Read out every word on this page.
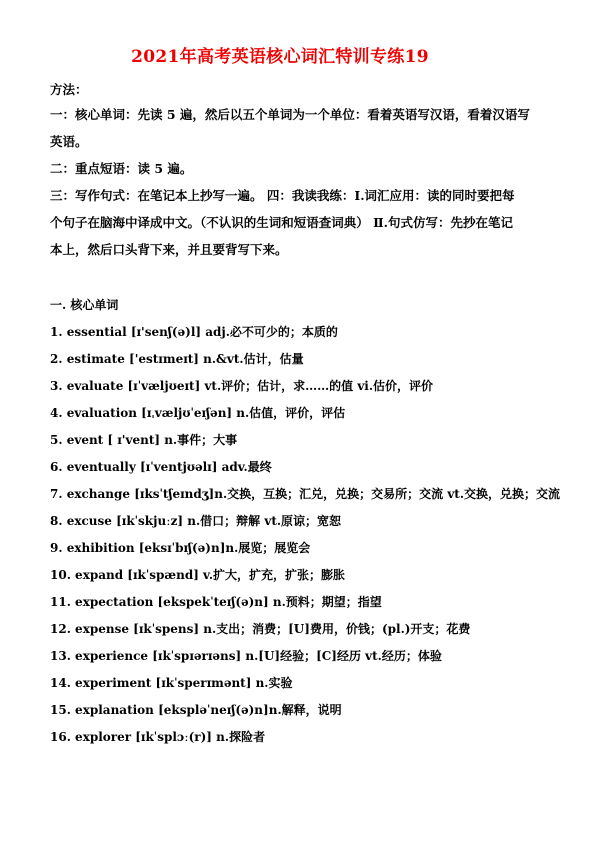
2021年高考英语核心词汇特训专练19
方法：
一：核心单词：先读 5 遍，然后以五个单词为一个单位：看着英语写汉语，看着汉语写
英语。
二：重点短语：读 5 遍。
三：写作句式：在笔记本上抄写一遍。 四：我读我练：Ⅰ.词汇应用：读的同时要把每
个句子在脑海中译成中文。（不认识的生词和短语查词典） Ⅱ.句式仿写：先抄在笔记
本上，然后口头背下来，并且要背写下来。
一. 核心单词
1. essential [ɪ'senʃ(ə)l] adj.必不可少的；本质的
2. estimate ['estɪmeɪt] n.&vt.估计，估量
3. evaluate [ɪˈvæljʊeɪt] vt.评价；估计，求……的值 vi.估价，评价
4. evaluation [ɪˌvæljʊˈeɪʃən] n.估值，评价，评估
5. event [ ɪ'vent] n.事件；大事
6. eventually [ɪˈventjʊəlɪ] adv.最终
7. exchange [ɪksˈtʃeɪndʒ]n.交换，互换；汇兑，兑换；交易所；交流 vt.交换，兑换；交流
8. excuse [ɪkˈskjuːz] n.借口；辩解 vt.原谅；宽恕
9. exhibition [eksɪˈbɪʃ(ə)n]n.展览；展览会
10. expand [ɪkˈspænd] v.扩大，扩充，扩张；膨胀
11. expectation [ekspekˈteɪʃ(ə)n] n.预料；期望；指望
12. expense [ɪkˈspens] n.支出；消费；[U]费用，价钱；(pl.)开支；花费
13. experience [ɪkˈspɪərɪəns] n.[U]经验；[C]经历 vt.经历；体验
14. experiment [ɪkˈsperɪmənt] n.实验
15. explanation [ekspləˈneɪʃ(ə)n]n.解释，说明
16. explorer [ɪkˈsplɔː(r)] n.探险者
